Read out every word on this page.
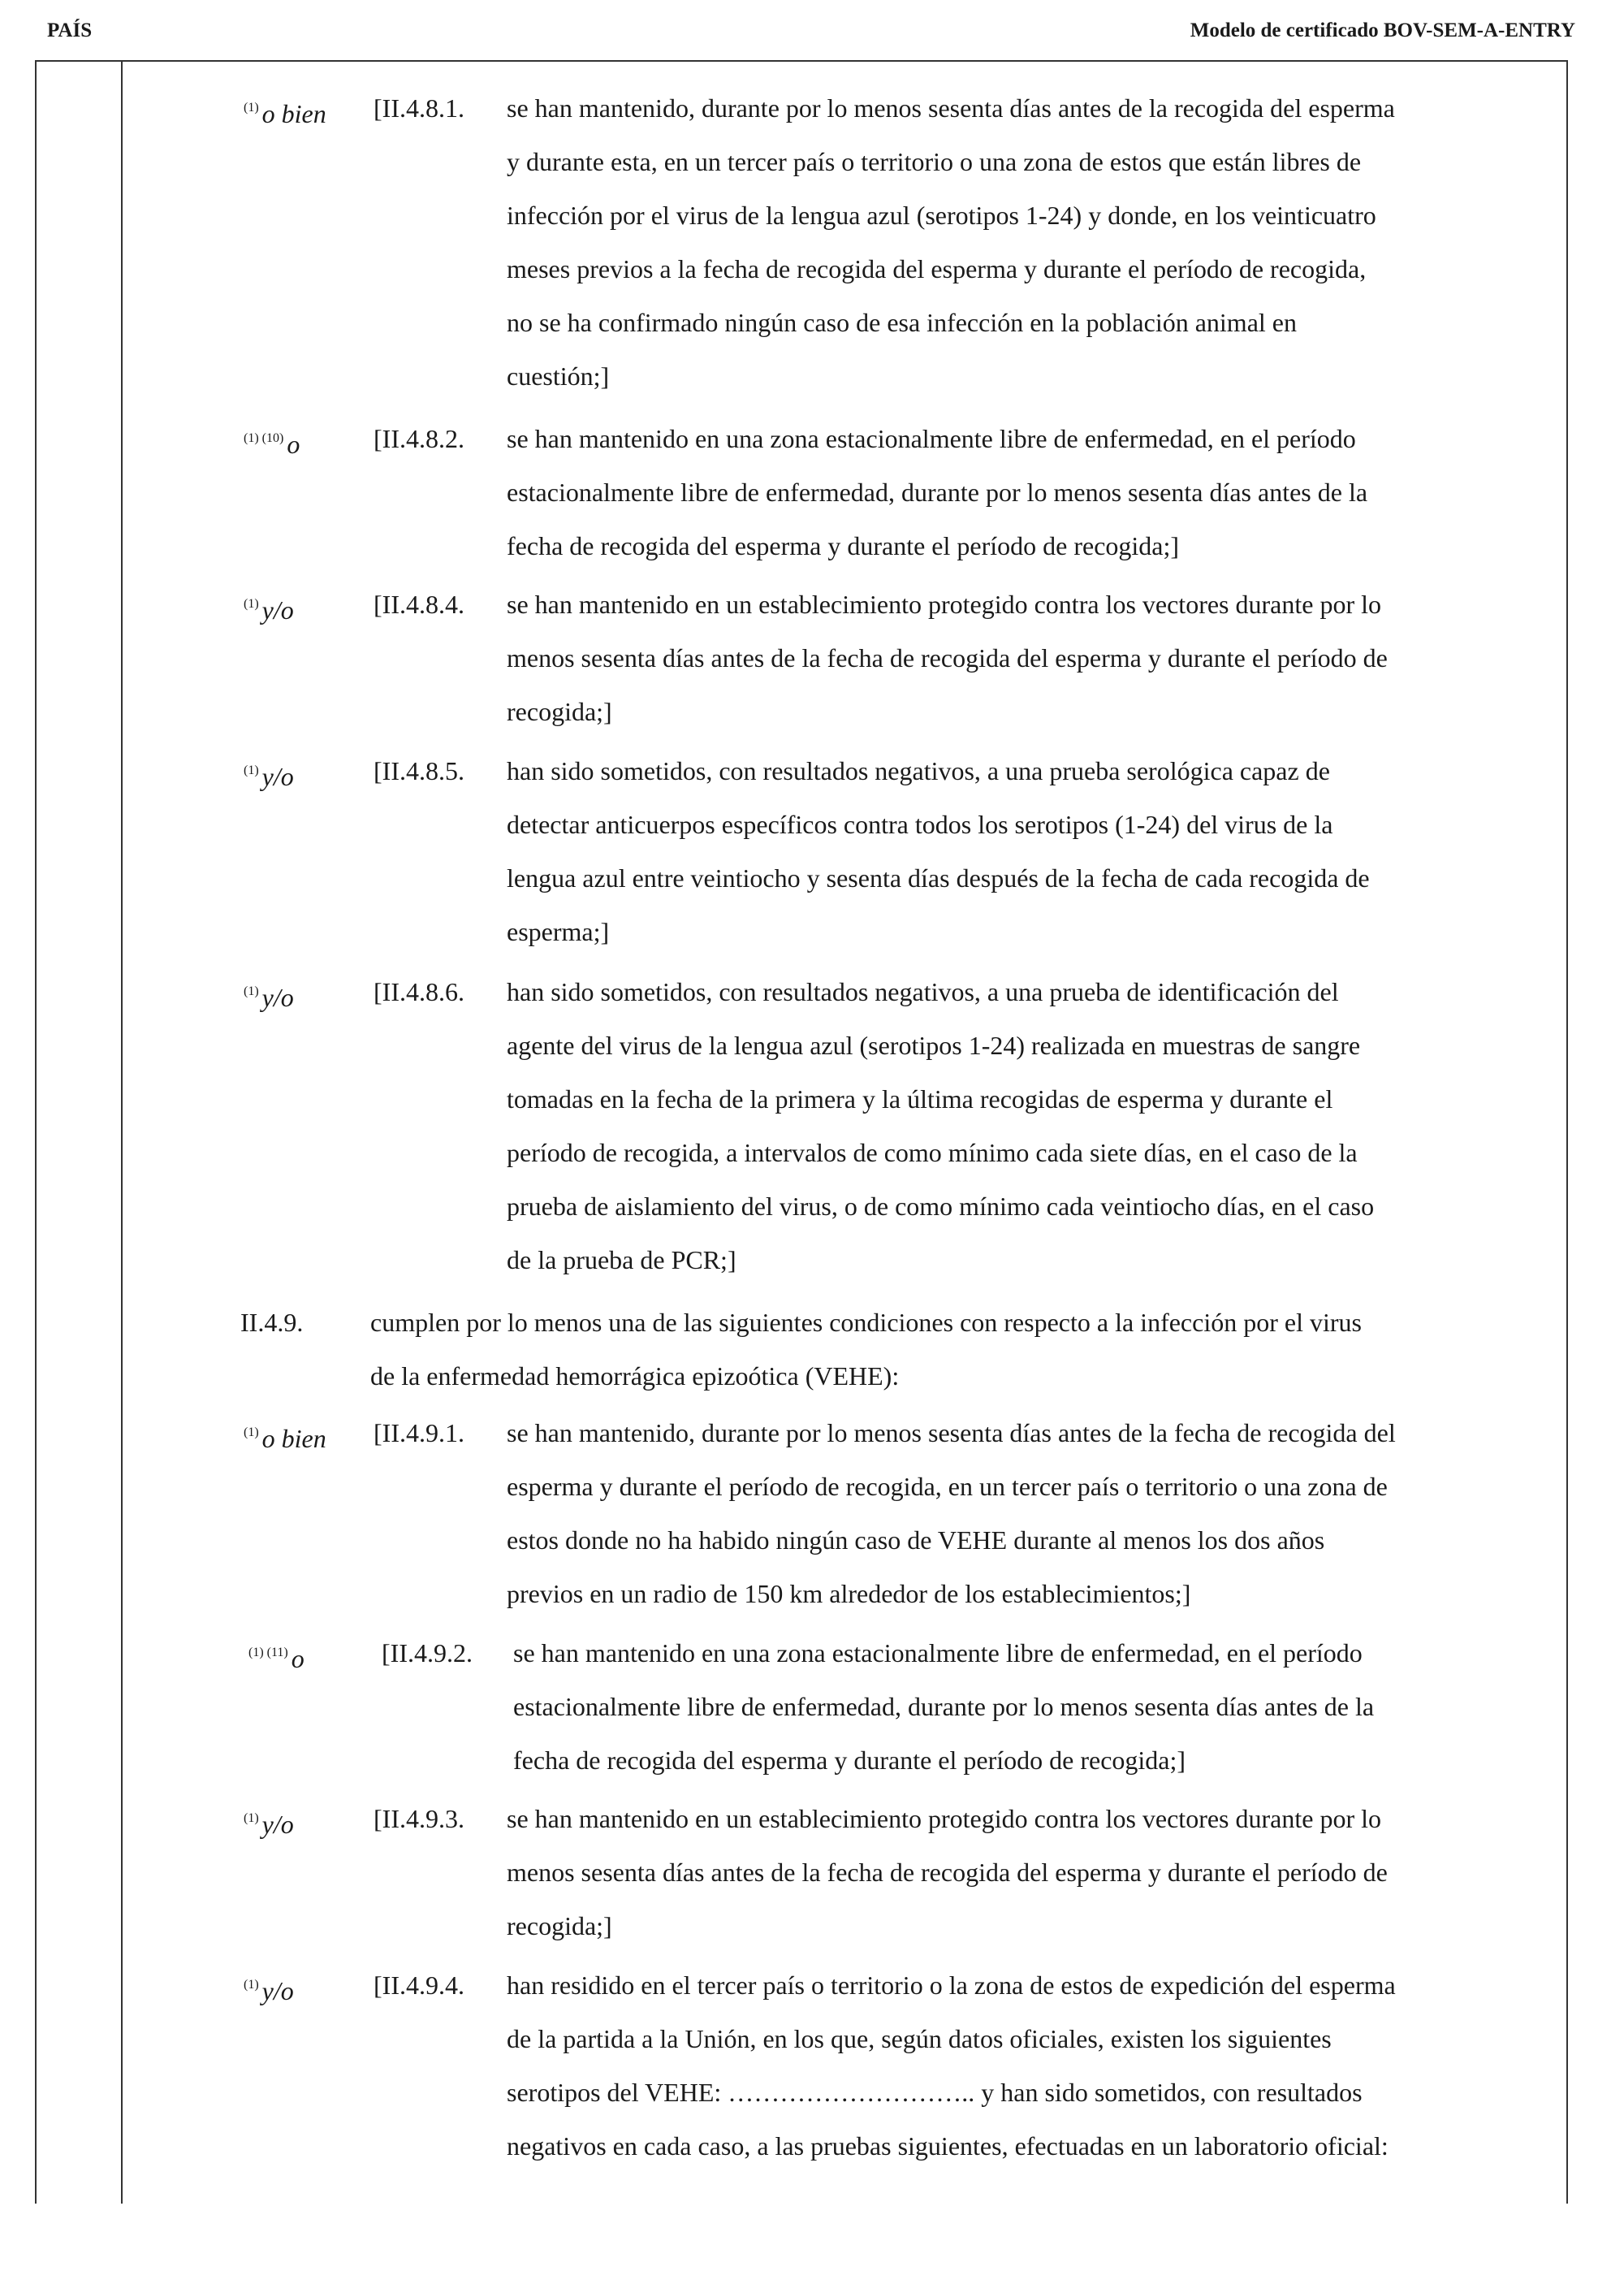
PAÍS	Modelo de certificado BOV-SEM-A-ENTRY
$^{(1)}$ o bien [II.4.8.1. se han mantenido, durante por lo menos sesenta días antes de la recogida del esperma
y durante esta, en un tercer país o territorio o una zona de estos que están libres de
infección por el virus de la lengua azul (serotipos 1-24) y donde, en los veinticuatro
meses previos a la fecha de recogida del esperma y durante el período de recogida,
no se ha confirmado ningún caso de esa infección en la población animal en
cuestión;]
$^{(1) (10)}$ o	[II.4.8.2. se han mantenido en una zona estacionalmente libre de enfermedad, en el período
estacionalmente libre de enfermedad, durante por lo menos sesenta días antes de la
fecha de recogida del esperma y durante el período de recogida;]
$^{(1)}$ y/o	[II.4.8.4. se han mantenido en un establecimiento protegido contra los vectores durante por lo
menos sesenta días antes de la fecha de recogida del esperma y durante el período de
recogida;]
$^{(1)}$ y/o	[II.4.8.5. han sido sometidos, con resultados negativos, a una prueba serológica capaz de
detectar anticuerpos específicos contra todos los serotipos (1-24) del virus de la
lengua azul entre veintiocho y sesenta días después de la fecha de cada recogida de
esperma;]
$^{(1)}$ y/o	[II.4.8.6. han sido sometidos, con resultados negativos, a una prueba de identificación del
agente del virus de la lengua azul (serotipos 1-24) realizada en muestras de sangre
tomadas en la fecha de la primera y la última recogidas de esperma y durante el
período de recogida, a intervalos de como mínimo cada siete días, en el caso de la
prueba de aislamiento del virus, o de como mínimo cada veintiocho días, en el caso
de la prueba de PCR;]
II.4.9.	cumplen por lo menos una de las siguientes condiciones con respecto a la infección por el virus
de la enfermedad hemorrágica epizoótica (VEHE):
$^{(1)}$ o bien [II.4.9.1. se han mantenido, durante por lo menos sesenta días antes de la fecha de recogida del
esperma y durante el período de recogida, en un tercer país o territorio o una zona de
estos donde no ha habido ningún caso de VEHE durante al menos los dos años
previos en un radio de 150 km alrededor de los establecimientos;]
$^{(1) (11)}$ o	[II.4.9.2. se han mantenido en una zona estacionalmente libre de enfermedad, en el período
estacionalmente libre de enfermedad, durante por lo menos sesenta días antes de la
fecha de recogida del esperma y durante el período de recogida;]
$^{(1)}$ y/o	[II.4.9.3. se han mantenido en un establecimiento protegido contra los vectores durante por lo
menos sesenta días antes de la fecha de recogida del esperma y durante el período de
recogida;]
$^{(1)}$ y/o	[II.4.9.4. han residido en el tercer país o territorio o la zona de estos de expedición del esperma
de la partida a la Unión, en los que, según datos oficiales, existen los siguientes
serotipos del VEHE: ……………………….. y han sido sometidos, con resultados
negativos en cada caso, a las pruebas siguientes, efectuadas en un laboratorio oficial:
